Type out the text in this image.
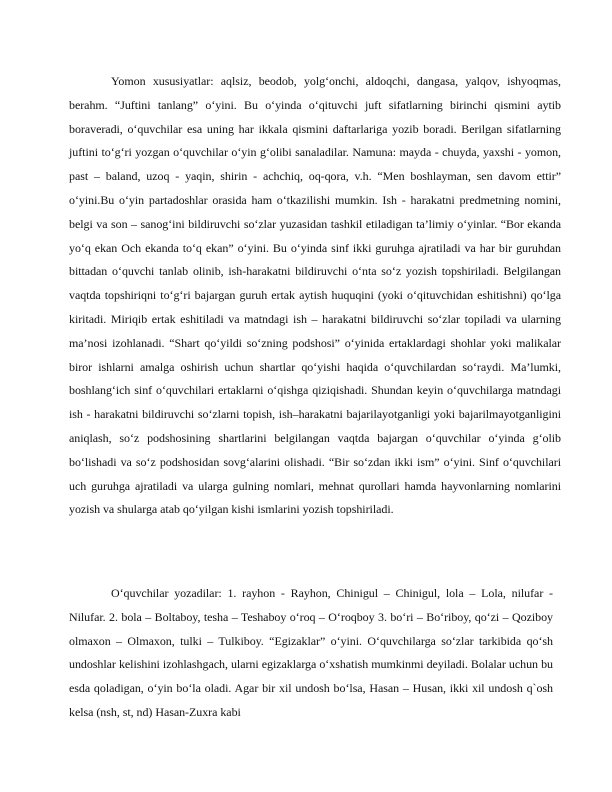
Yomon xususiyatlar: aqlsiz, beodob, yolg‘onchi, aldoqchi, dangasa, yalqov, ishyoqmas, berahm. “Juftini tanlang” o‘yini. Bu o‘yinda o‘qituvchi juft sifatlarning birinchi qismini aytib boraveradi, o‘quvchilar esa uning har ikkala qismini daftarlariga yozib boradi. Berilgan sifatlarning juftini to‘g‘ri yozgan o‘quvchilar o‘yin g‘olibi sanaladilar. Namuna: mayda - chuyda, yaxshi - yomon, past – baland, uzoq - yaqin, shirin - achchiq, oq-qora, v.h. “Men boshlayman, sen davom ettir” o‘yini.Bu o‘yin partadoshlar orasida ham o‘tkazilishi mumkin. Ish - harakatni predmetning nomini, belgi va son – sanog‘ini bildiruvchi so‘zlar yuzasidan tashkil etiladigan ta’limiy o‘yinlar. “Bor ekanda yo‘q ekan Och ekanda to‘q ekan” o‘yini. Bu o‘yinda sinf ikki guruhga ajratiladi va har bir guruhdan bittadan o‘quvchi tanlab olinib, ish-harakatni bildiruvchi o‘nta so‘z yozish topshiriladi. Belgilangan vaqtda topshiriqni to‘g‘ri bajargan guruh ertak aytish huquqini (yoki o‘qituvchidan eshitishni) qo‘lga kiritadi. Miriqib ertak eshitiladi va matndagi ish – harakatni bildiruvchi so‘zlar topiladi va ularning ma’nosi izohlanadi. “Shart qo‘yildi so‘zning podshosi” o‘yinida ertaklardagi shohlar yoki malikalar biror ishlarni amalga oshirish uchun shartlar qo‘yishi haqida o‘quvchilardan so‘raydi. Ma’lumki, boshlang‘ich sinf o‘quvchilari ertaklarni o‘qishga qiziqishadi. Shundan keyin o‘quvchilarga matndagi ish - harakatni bildiruvchi so‘zlarni topish, ish–harakatni bajarilayotganligi yoki bajarilmayotganligini aniqlash, so‘z podshosining shartlarini belgilangan vaqtda bajargan o‘quvchilar o‘yinda g‘olib bo‘lishadi va so‘z podshosidan sovg‘alarini olishadi. “Bir so‘zdan ikki ism” o‘yini. Sinf o‘quvchilari uch guruhga ajratiladi va ularga gulning nomlari, mehnat qurollari hamda hayvonlarning nomlarini yozish va shularga atab qo‘yilgan kishi ismlarini yozish topshiriladi.

O‘quvchilar yozadilar: 1. rayhon - Rayhon, Chinigul – Chinigul, lola – Lola, nilufar - Nilufar. 2. bola – Boltaboy, tesha – Teshaboy o‘roq – O‘roqboy 3. bo‘ri – Bo‘riboy, qo‘zi – Qoziboy olmaxon – Olmaxon, tulki – Tulkiboy. “Egizaklar” o‘yini. O‘quvchilarga so‘zlar tarkibida qo‘sh undoshlar kelishini izohlashgach, ularni egizaklarga o‘xshatish mumkinmi deyiladi. Bolalar uchun bu esda qoladigan, o‘yin bo‘la oladi. Agar bir xil undosh bo‘lsa, Hasan – Husan, ikki xil undosh q`osh kelsa (nsh, st, nd) Hasan-Zuxra kabi
